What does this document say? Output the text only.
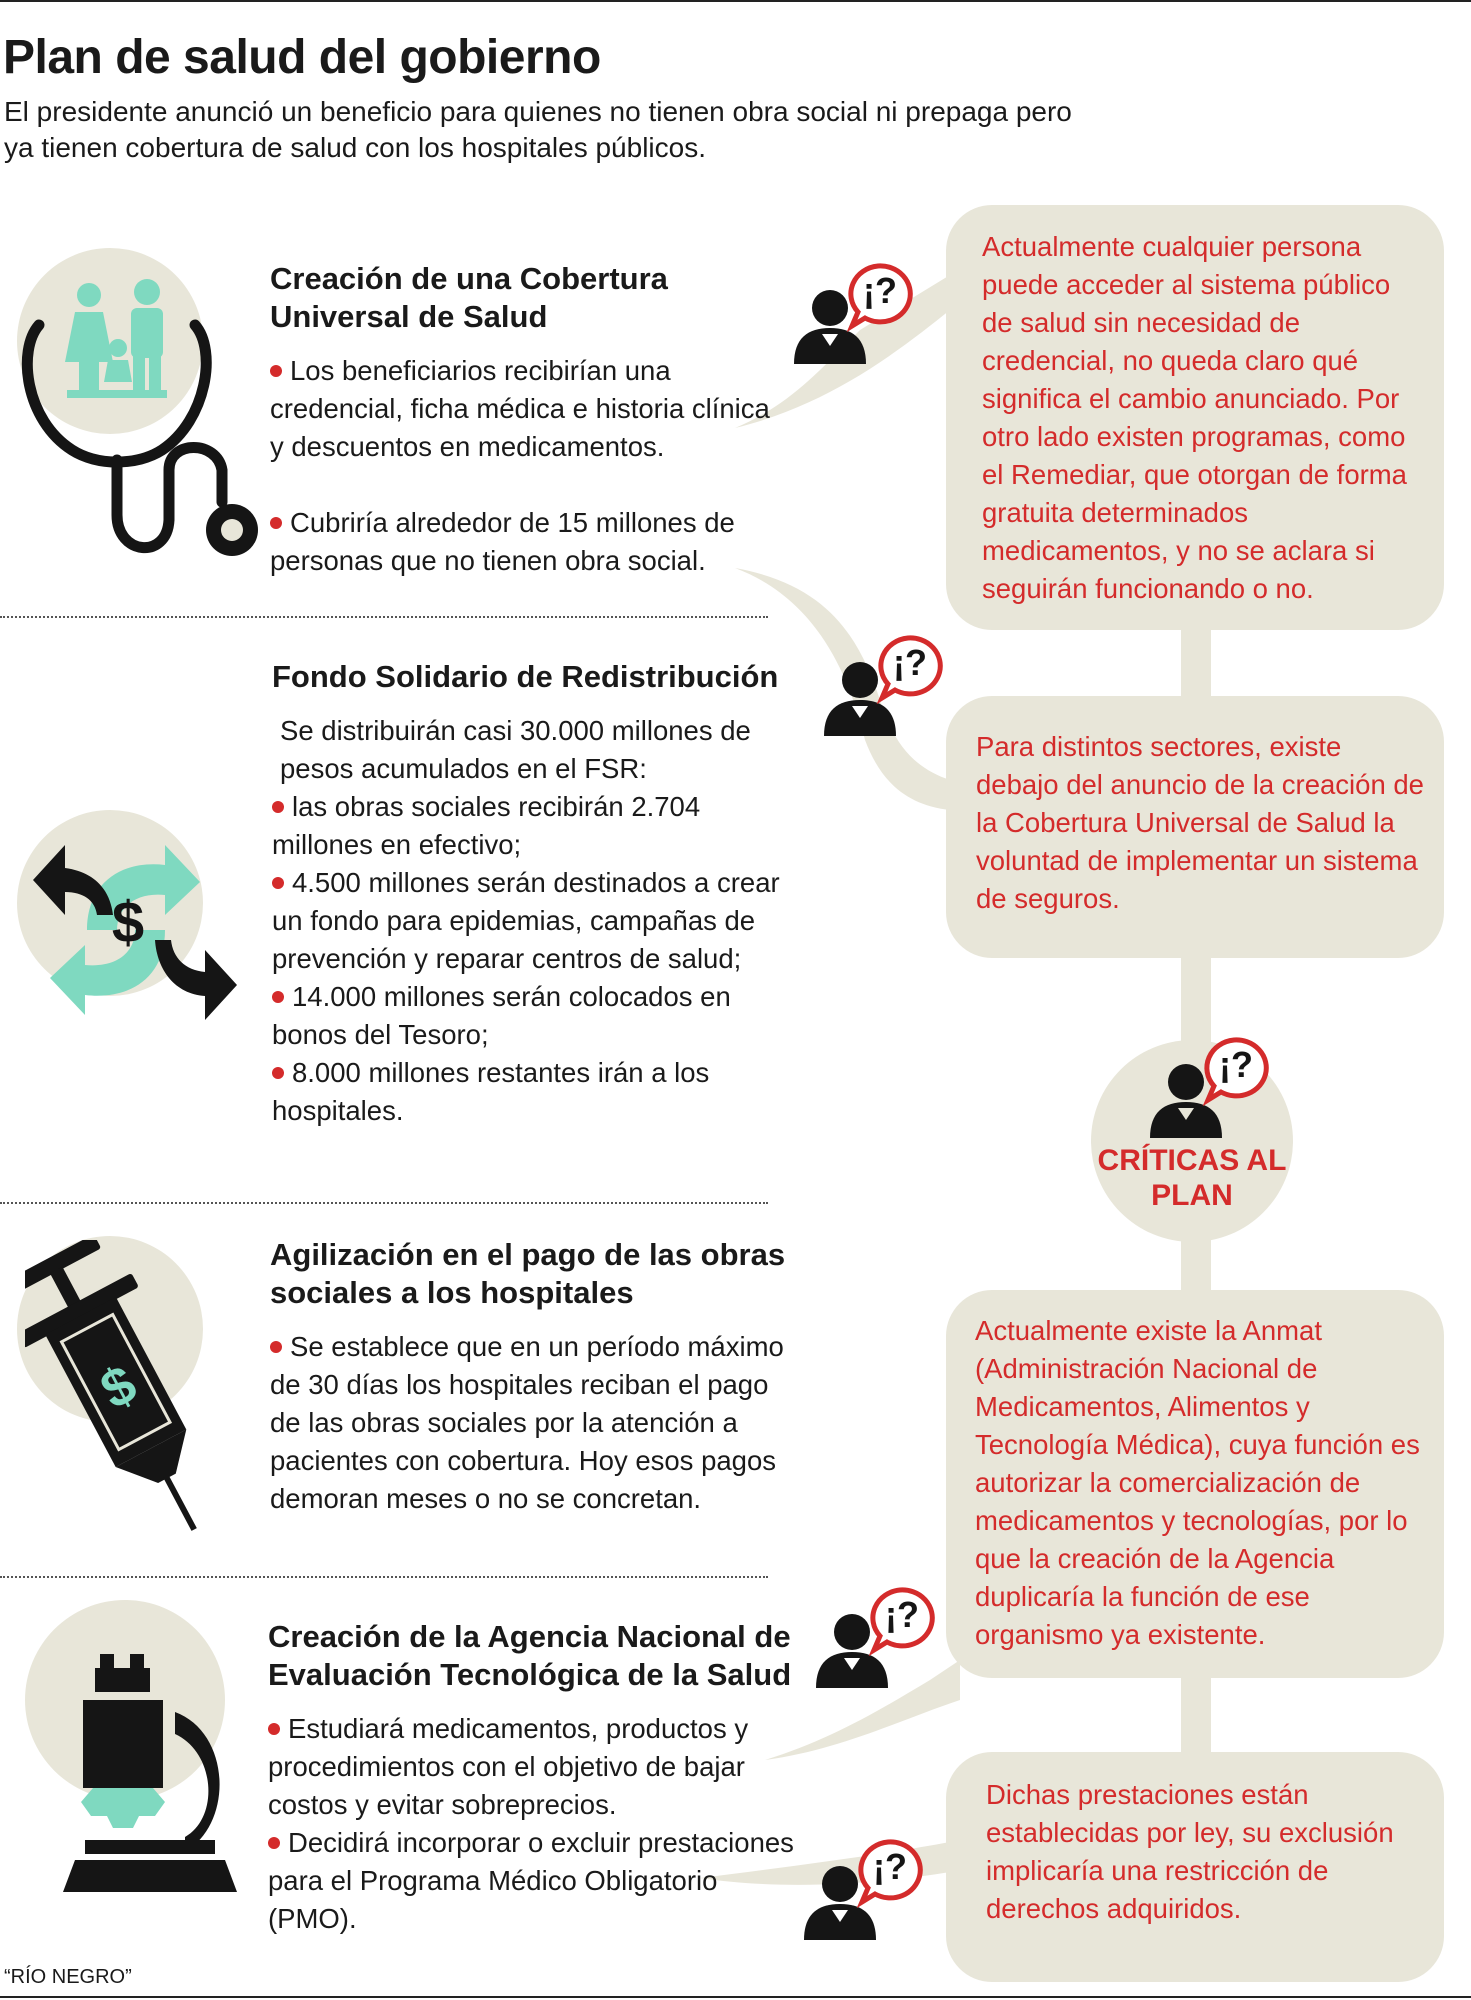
Plan de salud del gobierno

El presidente anunció un beneficio para quienes no tienen obra social ni prepaga pero ya tienen cobertura de salud con los hospitales públicos.

Creación de una Cobertura Universal de Salud

Los beneficiarios recibirían una credencial, ficha médica e historia clínica y descuentos en medicamentos.

Cubriría alrededor de 15 millones de personas que no tienen obra social.

$

Fondo Solidario de Redistribución

Se distribuirán casi 30.000 millones de pesos acumulados en el FSR:

las obras sociales recibirán 2.704 millones en efectivo;

4.500 millones serán destinados a crear un fondo para epidemias, campañas de prevención y reparar centros de salud;

14.000 millones serán colocados en bonos del Tesoro;

8.000 millones restantes irán a los hospitales.

$

Agilización en el pago de las obras sociales a los hospitales

Se establece que en un período máximo de 30 días los hospitales reciban el pago de las obras sociales por la atención a pacientes con cobertura. Hoy esos pagos demoran meses o no se concretan.

Creación de la Agencia Nacional de Evaluación Tecnológica de la Salud

Estudiará medicamentos, productos y procedimientos con el objetivo de bajar costos y evitar sobreprecios.

Decidirá incorporar o excluir prestaciones para el Programa Médico Obligatorio (PMO).

Actualmente cualquier persona puede acceder al sistema público de salud sin necesidad de credencial, no queda claro qué significa el cambio anunciado. Por otro lado existen programas, como el Remediar, que otorgan de forma gratuita determinados medicamentos, y no se aclara si seguirán funcionando o no.

Para distintos sectores, existe debajo del anuncio de la creación de la Cobertura Universal de Salud la voluntad de implementar un sistema de seguros.

CRÍTICAS AL PLAN

Actualmente existe la Anmat (Administración Nacional de Medicamentos, Alimentos y Tecnología Médica), cuya función es autorizar la comercialización de medicamentos y tecnologías, por lo que la creación de la Agencia duplicaría la función de ese organismo ya existente.

Dichas prestaciones están establecidas por ley, su exclusión implicaría una restricción de derechos adquiridos.

¡?
¡?
¡?
¡?
¡?

“RÍO NEGRO”
